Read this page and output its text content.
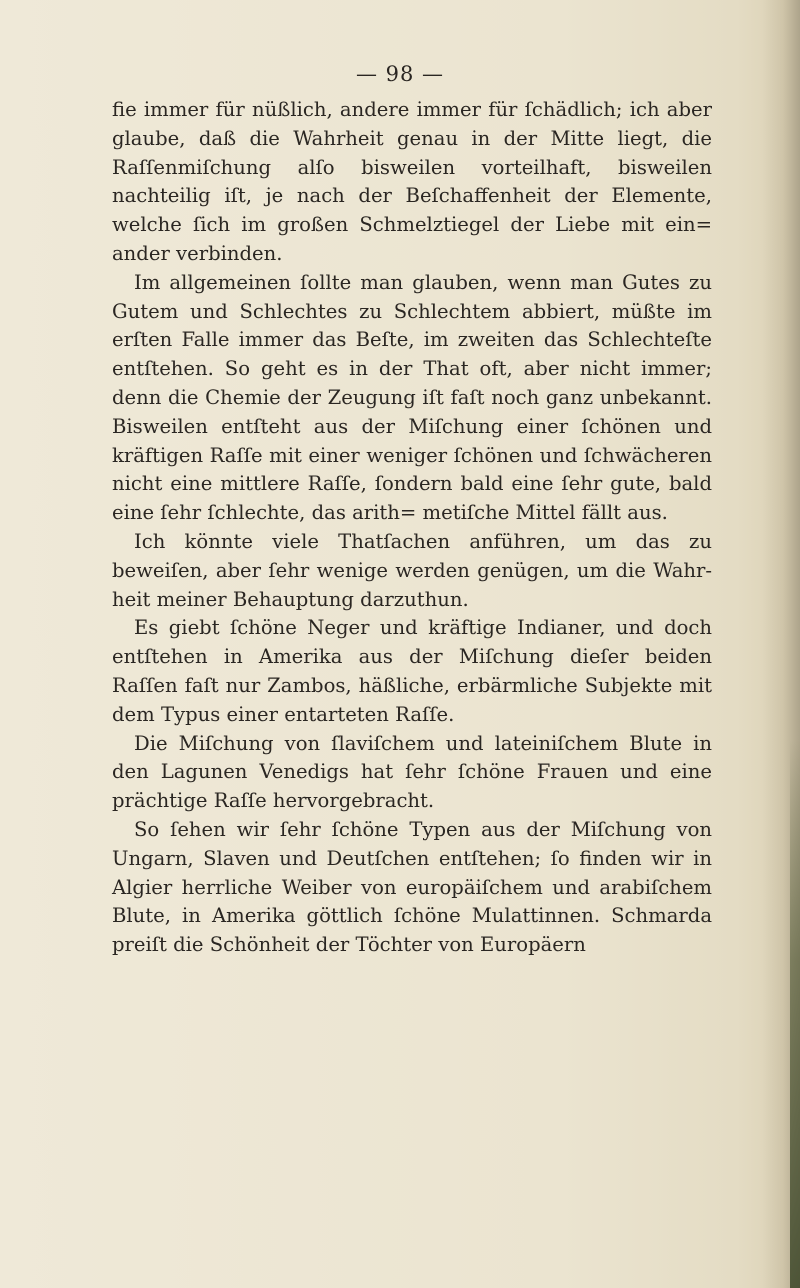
— 98 —

fie immer für nüßlich, andere immer für ſchädlich; ich aber glaube, daß die Wahrheit genau in der Mitte liegt, die Raſſenmiſchung alſo bisweilen vorteilhaft, bisweilen nachteilig iſt, je nach der Beſchaffenheit der Elemente, welche ſich im großen Schmelztiegel der Liebe mit ein= ander verbinden.

Im allgemeinen ſollte man glauben, wenn man Gutes zu Gutem und Schlechtes zu Schlechtem abbiert, müßte im erſten Falle immer das Beſte, im zweiten das Schlechteſte entſtehen. So geht es in der That oft, aber nicht immer; denn die Chemie der Zeugung iſt faſt noch ganz unbekannt. Bisweilen entſteht aus der Miſchung einer ſchönen und kräftigen Raſſe mit einer weniger ſchönen und ſchwächeren nicht eine mittlere Raſſe, ſondern bald eine ſehr gute, bald eine ſehr ſchlechte, das arith= metiſche Mittel fällt aus.

Ich könnte viele Thatſachen anführen, um das zu beweiſen, aber ſehr wenige werden genügen, um die Wahr- heit meiner Behauptung darzuthun.

Es giebt ſchöne Neger und kräftige Indianer, und doch entſtehen in Amerika aus der Miſchung dieſer beiden Raſſen faſt nur Zambos, häßliche, erbärmliche Subjekte mit dem Typus einer entarteten Raſſe.

Die Miſchung von ſlaviſchem und lateiniſchem Blute in den Lagunen Venedigs hat ſehr ſchöne Frauen und eine prächtige Raſſe hervorgebracht.

So ſehen wir ſehr ſchöne Typen aus der Miſchung von Ungarn, Slaven und Deutſchen entſtehen; ſo finden wir in Algier herrliche Weiber von europäiſchem und arabiſchem Blute, in Amerika göttlich ſchöne Mulattinnen. Schmarda preiſt die Schönheit der Töchter von Europäern
